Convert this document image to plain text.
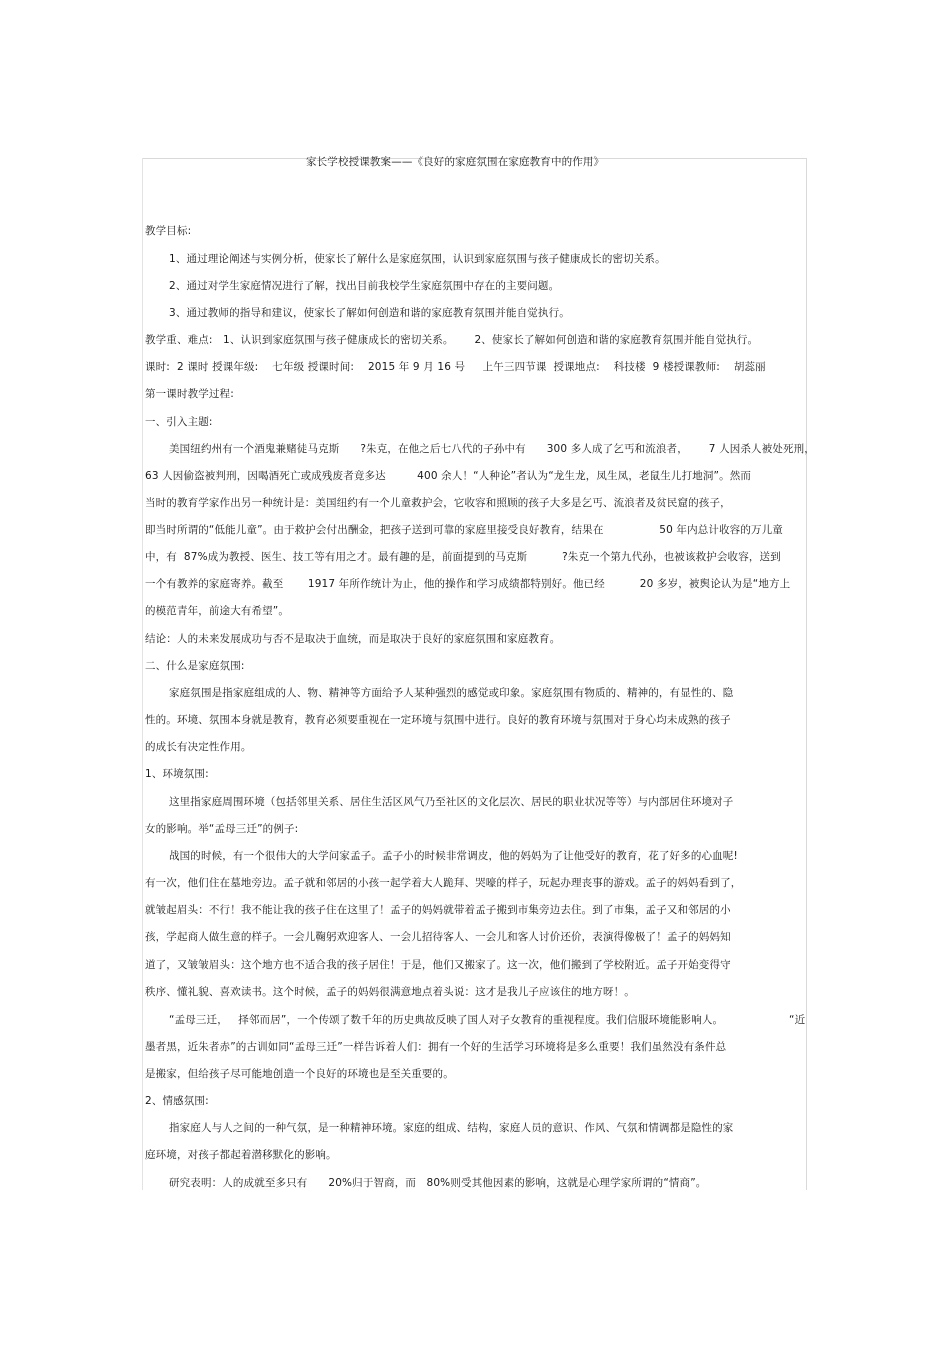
家长学校授课教案——《良好的家庭氛围在家庭教育中的作用》
教学目标:
1、通过理论阐述与实例分析，使家长了解什么是家庭氛围，认识到家庭氛围与孩子健康成长的密切关系。
2、通过对学生家庭情况进行了解，找出目前我校学生家庭氛围中存在的主要问题。
3、通过教师的指导和建议，使家长了解如何创造和谐的家庭教育氛围并能自觉执行。
教学重、难点:   1、认识到家庭氛围与孩子健康成长的密切关系。      2、使家长了解如何创造和谐的家庭教育氛围并能自觉执行。
课时:  2 课时 授课年级:    七年级 授课时间:    2015 年 9 月 16 号     上午三四节课  授课地点:    科技楼  9 楼授课教师:    胡蕊丽
第一课时教学过程:
一、引入主题:
美国纽约州有一个酒鬼兼赌徒马克斯      ?朱克，在他之后七八代的子孙中有      300 多人成了乞丐和流浪者，      7 人因杀人被处死刑，
63 人因偷盗被判刑，因喝酒死亡或成残废者竟多达         400 余人！“人种论”者认为“龙生龙，凤生凤，老鼠生儿打地洞”。然而
当时的教育学家作出另一种统计是：美国纽约有一个儿童救护会，它收容和照顾的孩子大多是乞丐、流浪者及贫民窟的孩子，
即当时所谓的“低能儿童”。由于救护会付出酬金，把孩子送到可靠的家庭里接受良好教育，结果在                50 年内总计收容的万儿童
中，有  87%成为教授、医生、技工等有用之才。最有趣的是，前面提到的马克斯          ?朱克一个第九代孙，也被该救护会收容，送到
一个有教养的家庭寄养。截至       1917 年所作统计为止，他的操作和学习成绩都特别好。他已经          20 多岁，被舆论认为是“地方上
的模范青年，前途大有希望”。
结论：人的未来发展成功与否不是取决于血统，而是取决于良好的家庭氛围和家庭教育。
二、什么是家庭氛围:
家庭氛围是指家庭组成的人、物、精神等方面给予人某种强烈的感觉或印象。家庭氛围有物质的、精神的，有显性的、隐
性的。环境、氛围本身就是教育，教育必须要重视在一定环境与氛围中进行。良好的教育环境与氛围对于身心均未成熟的孩子
的成长有决定性作用。
1、环境氛围:
这里指家庭周围环境（包括邻里关系、居住生活区风气乃至社区的文化层次、居民的职业状况等等）与内部居住环境对子
女的影响。举“孟母三迁”的例子:
战国的时候，有一个很伟大的大学问家孟子。孟子小的时候非常调皮，他的妈妈为了让他受好的教育，花了好多的心血呢!
有一次，他们住在墓地旁边。孟子就和邻居的小孩一起学着大人跪拜、哭嚎的样子，玩起办理丧事的游戏。孟子的妈妈看到了，
就皱起眉头：不行！我不能让我的孩子住在这里了！孟子的妈妈就带着孟子搬到市集旁边去住。到了市集，孟子又和邻居的小
孩，学起商人做生意的样子。一会儿鞠躬欢迎客人、一会儿招待客人、一会儿和客人讨价还价，表演得像极了！孟子的妈妈知
道了，又皱皱眉头：这个地方也不适合我的孩子居住！于是，他们又搬家了。这一次，他们搬到了学校附近。孟子开始变得守
秩序、懂礼貌、喜欢读书。这个时候，孟子的妈妈很满意地点着头说：这才是我儿子应该住的地方呀！。
“孟母三迁，   择邻而居”，一个传颂了数千年的历史典故反映了国人对子女教育的重视程度。我们信服环境能影响人。	“近
墨者黑，近朱者赤”的古训如同“孟母三迁”一样告诉着人们：拥有一个好的生活学习环境将是多么重要！我们虽然没有条件总
是搬家，但给孩子尽可能地创造一个良好的环境也是至关重要的。
2、情感氛围:
指家庭人与人之间的一种气氛，是一种精神环境。家庭的组成、结构，家庭人员的意识、作风、气氛和情调都是隐性的家
庭环境，对孩子都起着潜移默化的影响。
研究表明：人的成就至多只有      20%归于智商，而   80%则受其他因素的影响，这就是心理学家所谓的“情商”。
